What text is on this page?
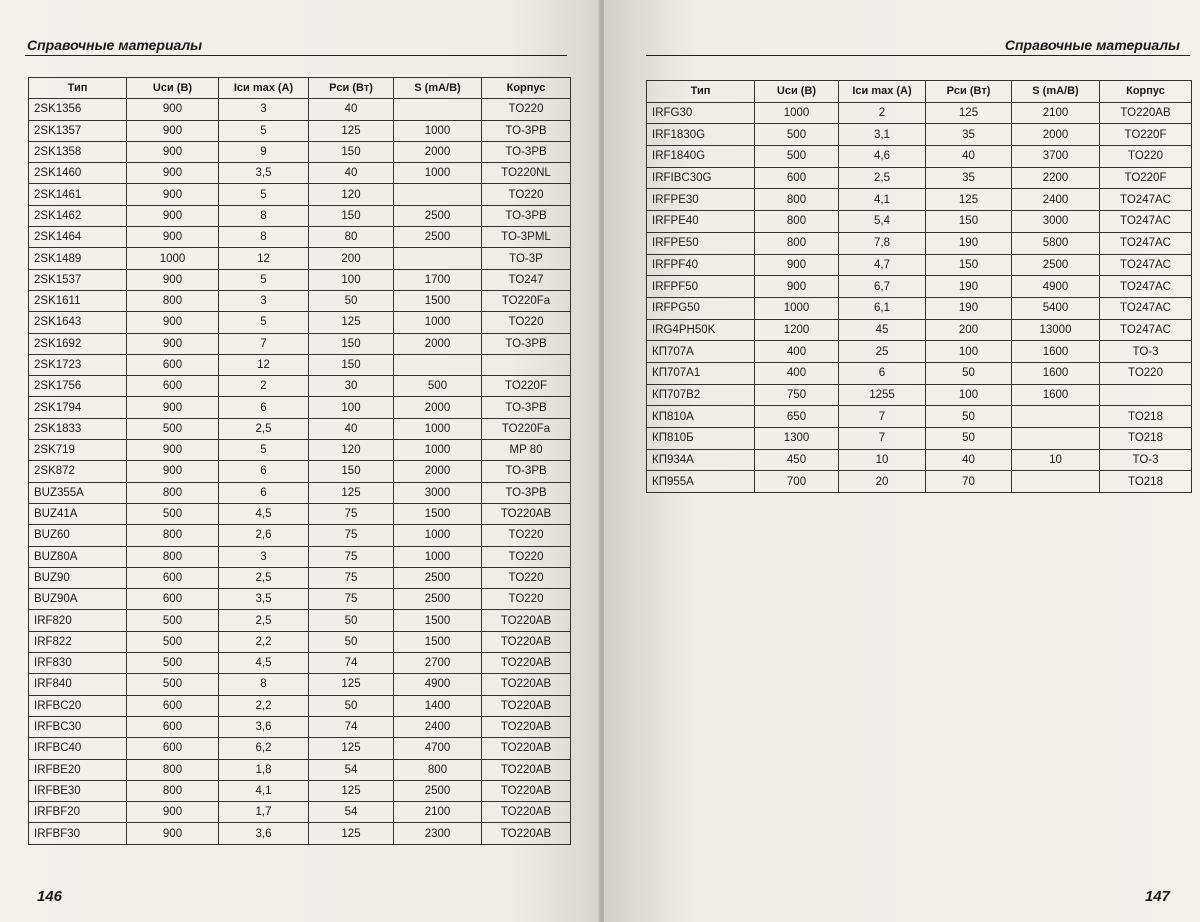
Справочные материалы
Тип	Uси (В)	Iси max (А)	Рси (Вт)	S (mA/B)	Корпус
2SK1356	900	3	40		TO220
2SK1357	900	5	125	1000	TO-3PB
2SK1358	900	9	150	2000	TO-3PB
2SK1460	900	3,5	40	1000	TO220NL
2SK1461	900	5	120		TO220
2SK1462	900	8	150	2500	TO-3PB
2SK1464	900	8	80	2500	TO-3PML
2SK1489	1000	12	200		TO-3P
2SK1537	900	5	100	1700	TO247
2SK1611	800	3	50	1500	TO220Fa
2SK1643	900	5	125	1000	TO220
2SK1692	900	7	150	2000	TO-3PB
2SK1723	600	12	150		
2SK1756	600	2	30	500	TO220F
2SK1794	900	6	100	2000	TO-3PB
2SK1833	500	2,5	40	1000	TO220Fa
2SK719	900	5	120	1000	MP 80
2SK872	900	6	150	2000	TO-3PB
BUZ355A	800	6	125	3000	TO-3PB
BUZ41A	500	4,5	75	1500	TO220AB
BUZ60	800	2,6	75	1000	TO220
BUZ80A	800	3	75	1000	TO220
BUZ90	600	2,5	75	2500	TO220
BUZ90A	600	3,5	75	2500	TO220
IRF820	500	2,5	50	1500	TO220AB
IRF822	500	2,2	50	1500	TO220AB
IRF830	500	4,5	74	2700	TO220AB
IRF840	500	8	125	4900	TO220AB
IRFBC20	600	2,2	50	1400	TO220AB
IRFBC30	600	3,6	74	2400	TO220AB
IRFBC40	600	6,2	125	4700	TO220AB
IRFBE20	800	1,8	54	800	TO220AB
IRFBE30	800	4,1	125	2500	TO220AB
IRFBF20	900	1,7	54	2100	TO220AB
IRFBF30	900	3,6	125	2300	TO220AB
146
Справочные материалы
Тип	Uси (В)	Iси max (А)	Рси (Вт)	S (mA/B)	Корпус
IRFG30	1000	2	125	2100	TO220AB
IRF1830G	500	3,1	35	2000	TO220F
IRF1840G	500	4,6	40	3700	TO220
IRFIBC30G	600	2,5	35	2200	TO220F
IRFPE30	800	4,1	125	2400	TO247AC
IRFPE40	800	5,4	150	3000	TO247AC
IRFPE50	800	7,8	190	5800	TO247AC
IRFPF40	900	4,7	150	2500	TO247AC
IRFPF50	900	6,7	190	4900	TO247AC
IRFPG50	1000	6,1	190	5400	TO247AC
IRG4PH50K	1200	45	200	13000	TO247AC
КП707А	400	25	100	1600	TO-3
КП707А1	400	6	50	1600	TO220
КП707В2	750	1255	100	1600	
КП810А	650	7	50		TO218
КП810Б	1300	7	50		TO218
КП934А	450	10	40	10	TO-3
КП955А	700	20	70		TO218
147
